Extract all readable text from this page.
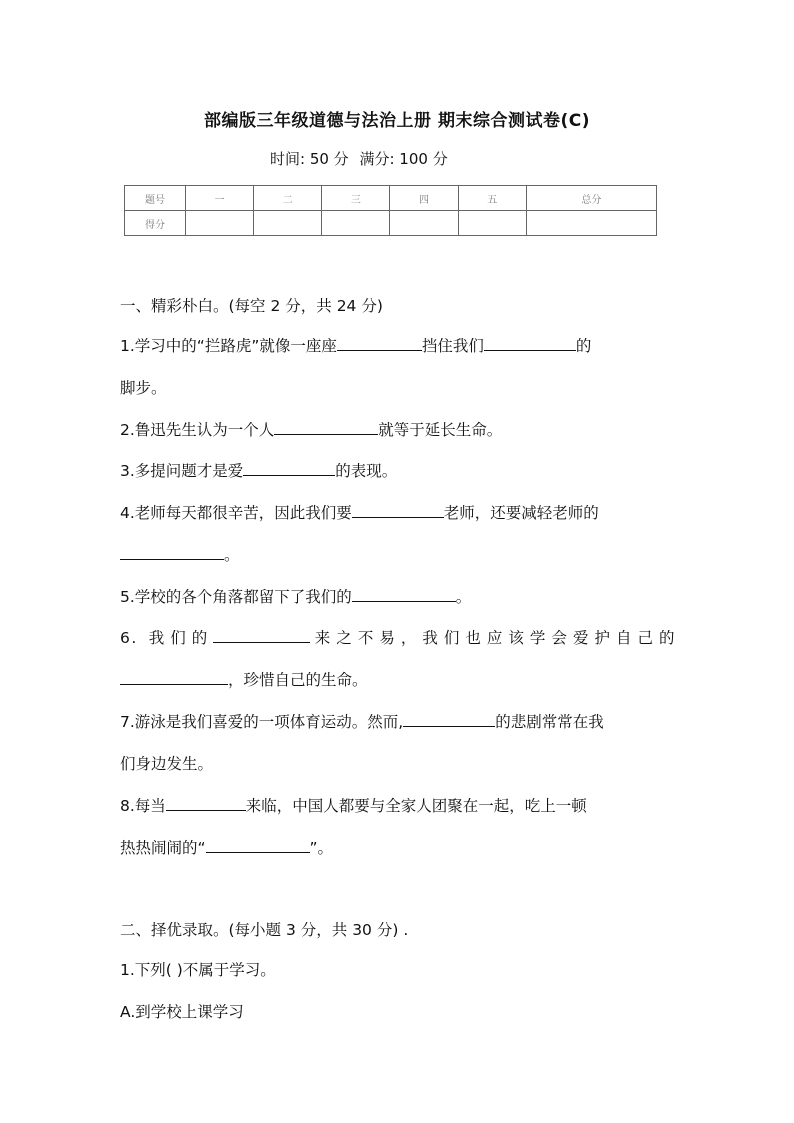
部编版三年级道德与法治上册 期末综合测试卷(C)
时间: 50 分 满分: 100 分
题号	一	二	三	四	五	总分
得分						
一、精彩朴白。(每空 2 分，共 24 分)
1.学习中的“拦路虎”就像一座座	挡住我们	的
脚步。
2.鲁迅先生认为一个人	就等于延长生命。
3.多提问题才是爱	的表现。
4.老师每天都很辛苦，因此我们要	老师，还要减轻老师的
。
5.学校的各个角落都留下了我们的	。
6. 我们的	来之不易，我们也应该学会爱护自己的
，珍惜自己的生命。
7.游泳是我们喜爱的一项体育运动。然而,	的悲剧常常在我
们身边发生。
8.每当	来临，中国人都要与全家人团聚在一起，吃上一顿
热热闹闹的“	”。
二、择优录取。(每小题 3 分，共 30 分) .
1.下列( )不属于学习。
A.到学校上课学习
